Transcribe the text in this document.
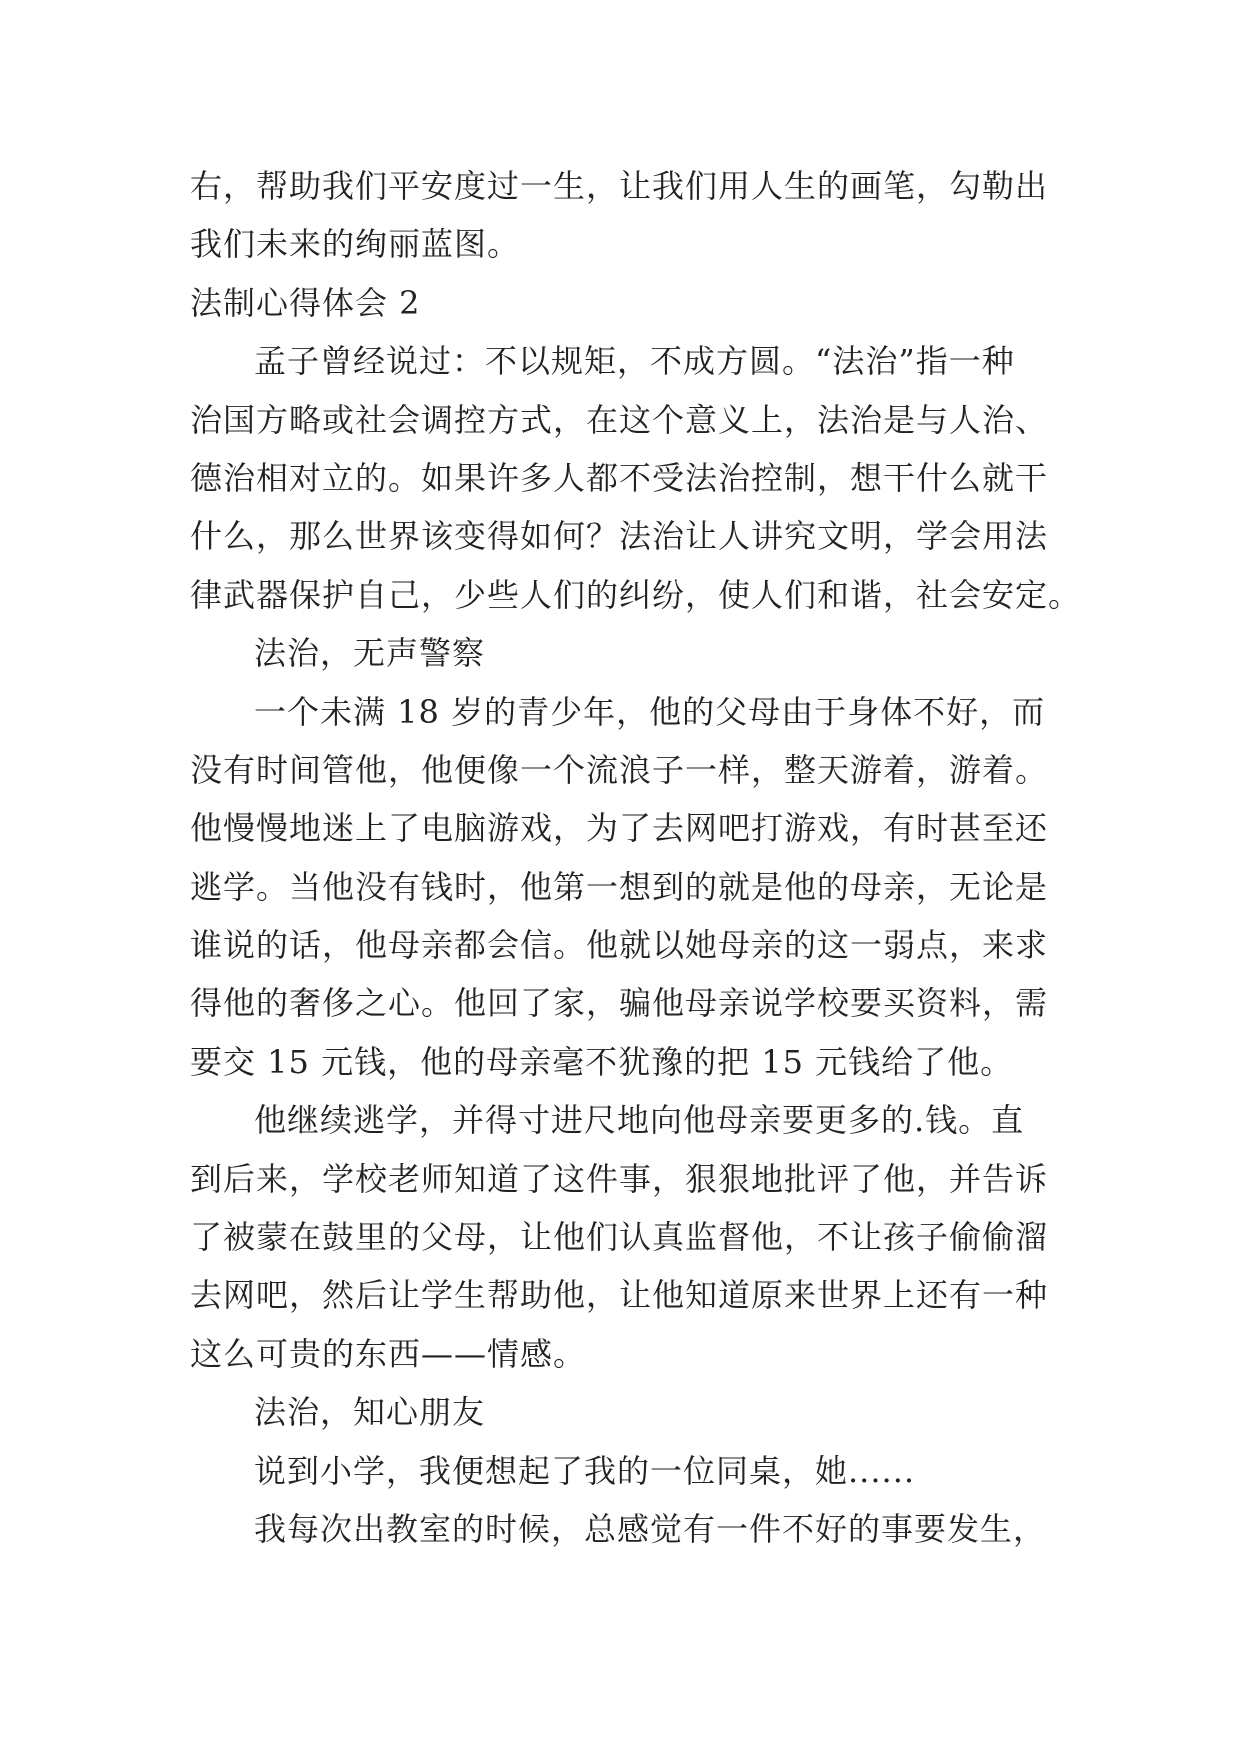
右，帮助我们平安度过一生，让我们用人生的画笔，勾勒出
我们未来的绚丽蓝图。
法制心得体会 2
孟子曾经说过：不以规矩，不成方圆。“法治”指一种
治国方略或社会调控方式，在这个意义上，法治是与人治、
德治相对立的。如果许多人都不受法治控制，想干什么就干
什么，那么世界该变得如何？法治让人讲究文明，学会用法
律武器保护自己，少些人们的纠纷，使人们和谐，社会安定。
法治，无声警察
一个未满 18 岁的青少年，他的父母由于身体不好，而
没有时间管他，他便像一个流浪子一样，整天游着，游着。
他慢慢地迷上了电脑游戏，为了去网吧打游戏，有时甚至还
逃学。当他没有钱时，他第一想到的就是他的母亲，无论是
谁说的话，他母亲都会信。他就以她母亲的这一弱点，来求
得他的奢侈之心。他回了家，骗他母亲说学校要买资料，需
要交 15 元钱，他的母亲毫不犹豫的把 15 元钱给了他。
他继续逃学，并得寸进尺地向他母亲要更多的.钱。直
到后来，学校老师知道了这件事，狠狠地批评了他，并告诉
了被蒙在鼓里的父母，让他们认真监督他，不让孩子偷偷溜
去网吧，然后让学生帮助他，让他知道原来世界上还有一种
这么可贵的东西——情感。
法治，知心朋友
说到小学，我便想起了我的一位同桌，她......
我每次出教室的时候，总感觉有一件不好的事要发生，
